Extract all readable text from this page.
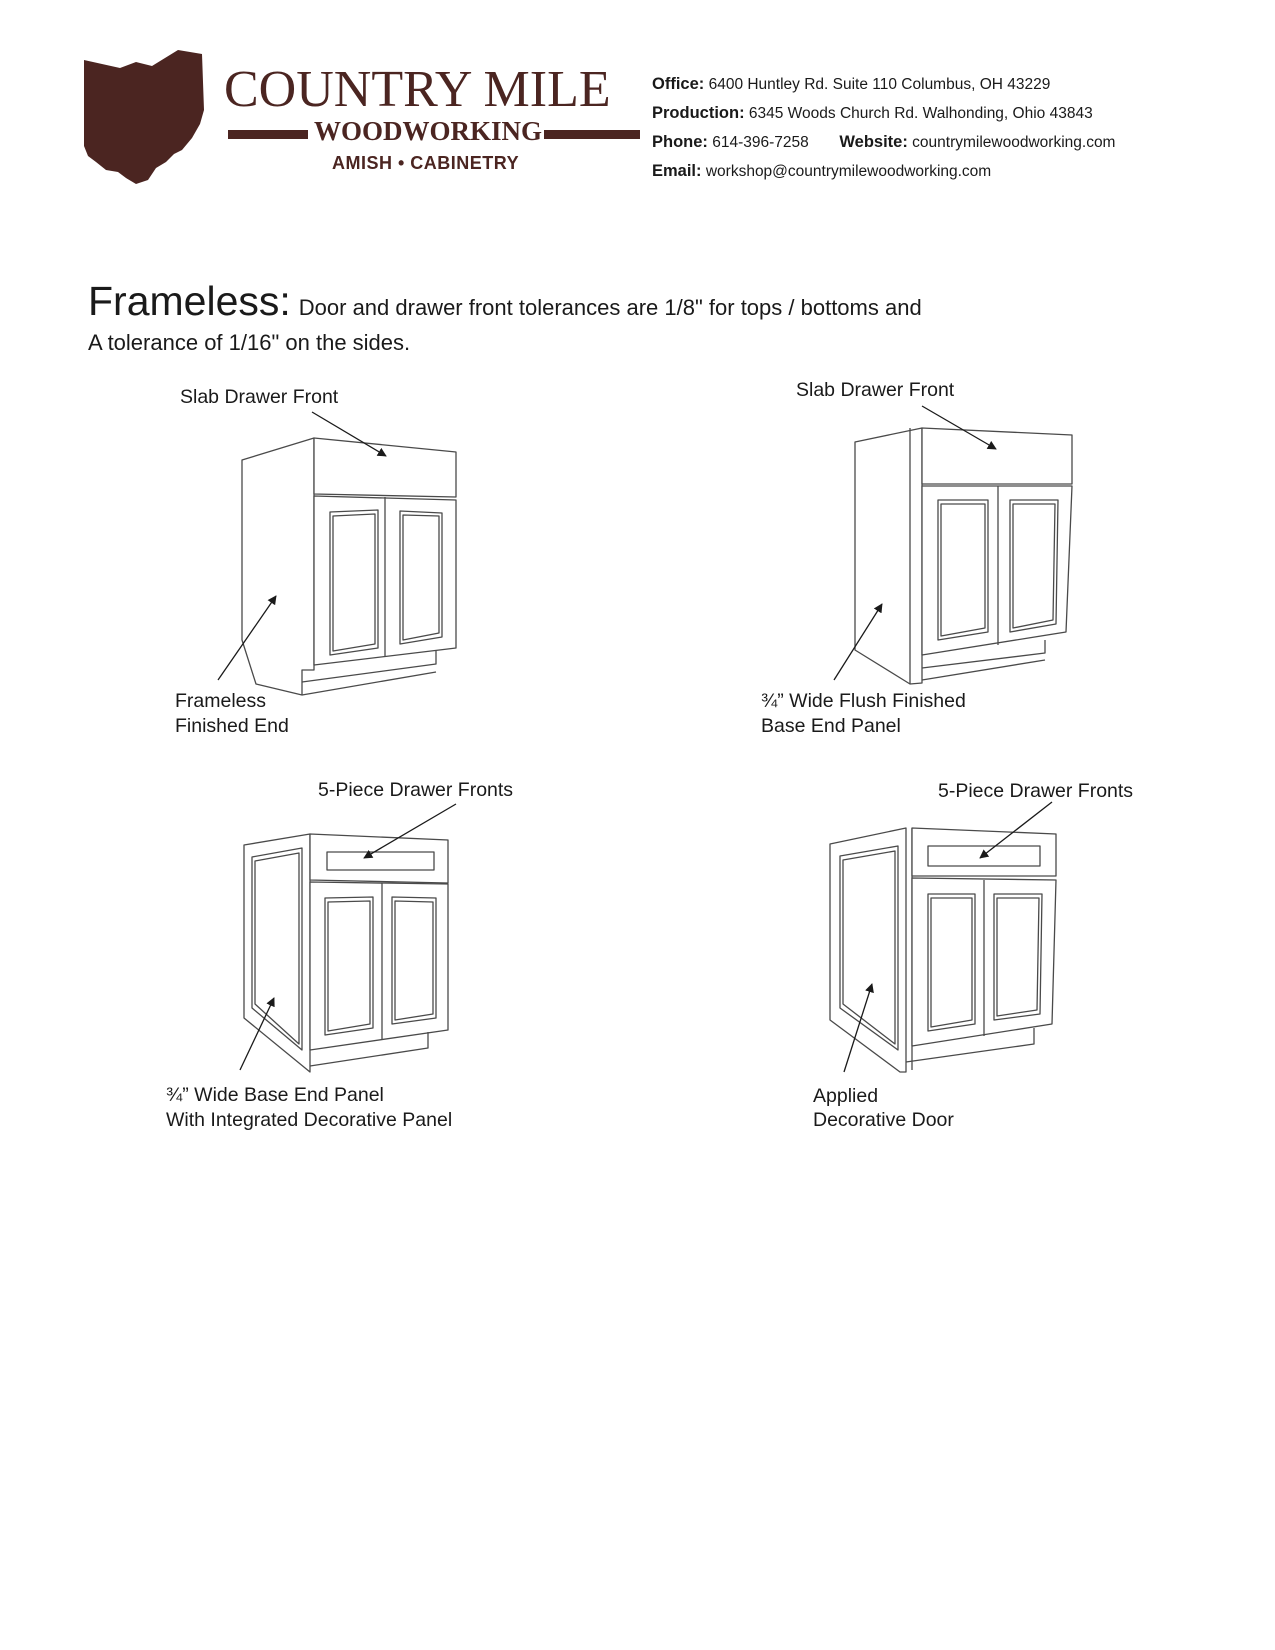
COUNTRY MILE
WOODWORKING
AMISH • CABINETRY
Office: 6400 Huntley Rd. Suite 110 Columbus, OH 43229
Production: 6345 Woods Church Rd. Walhonding, Ohio 43843
Phone: 614-396-7258 Website: countrymilewoodworking.com
Email: workshop@countrymilewoodworking.com
Frameless: Door and drawer front tolerances are 1/8" for tops / bottoms and
A tolerance of 1/16" on the sides.
Slab Drawer Front
Frameless
Finished End
Slab Drawer Front
¾” Wide Flush Finished
Base End Panel
5-Piece Drawer Fronts
¾” Wide Base End Panel
With Integrated Decorative Panel
5-Piece Drawer Fronts
Applied
Decorative Door
